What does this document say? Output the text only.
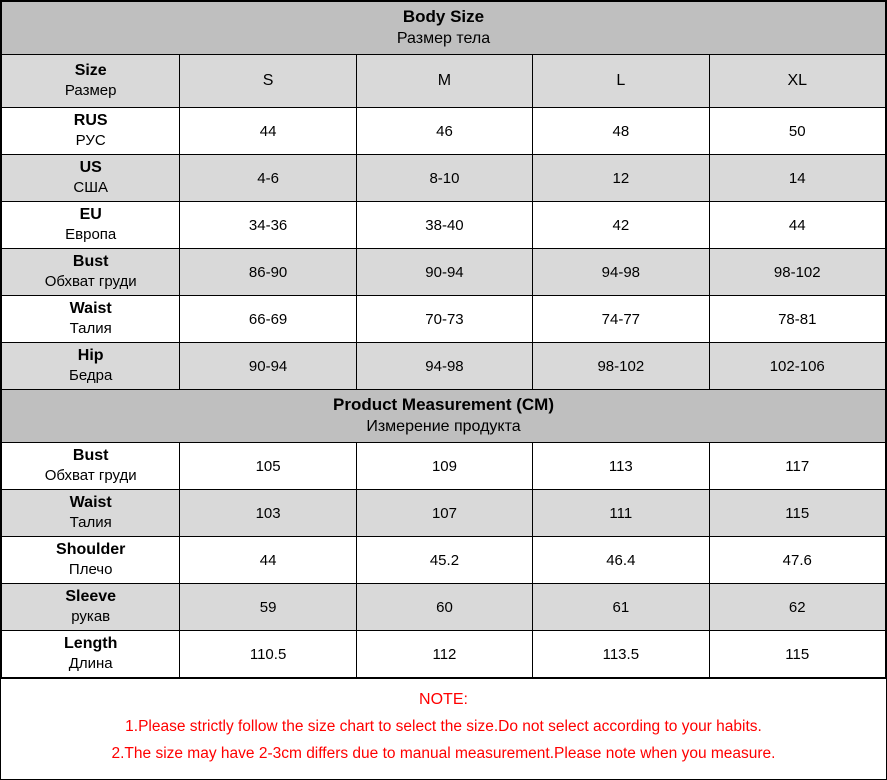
Body Size
Размер тела				

Size
Размер	S	M	L	XL

RUS
РУС	44	46	48	50

US
США	4-6	8-10	12	14

EU
Европа	34-36	38-40	42	44

Bust
Обхват груди	86-90	90-94	94-98	98-102

Waist
Талия	66-69	70-73	74-77	78-81

Hip
Бедра	90-94	94-98	98-102	102-106

Product Measurement (CM)
Измерение продукта				

Bust
Обхват груди	105	109	113	117

Waist
Талия	103	107	111	115

Shoulder
Плечо	44	45.2	46.4	47.6

Sleeve
рукав	59	60	61	62

Length
Длина	110.5	112	113.5	115
NOTE:
1.Please strictly follow the size chart to select the size.Do not select according to your habits.
2.The size may have 2-3cm differs due to manual measurement.Please note when you measure.
